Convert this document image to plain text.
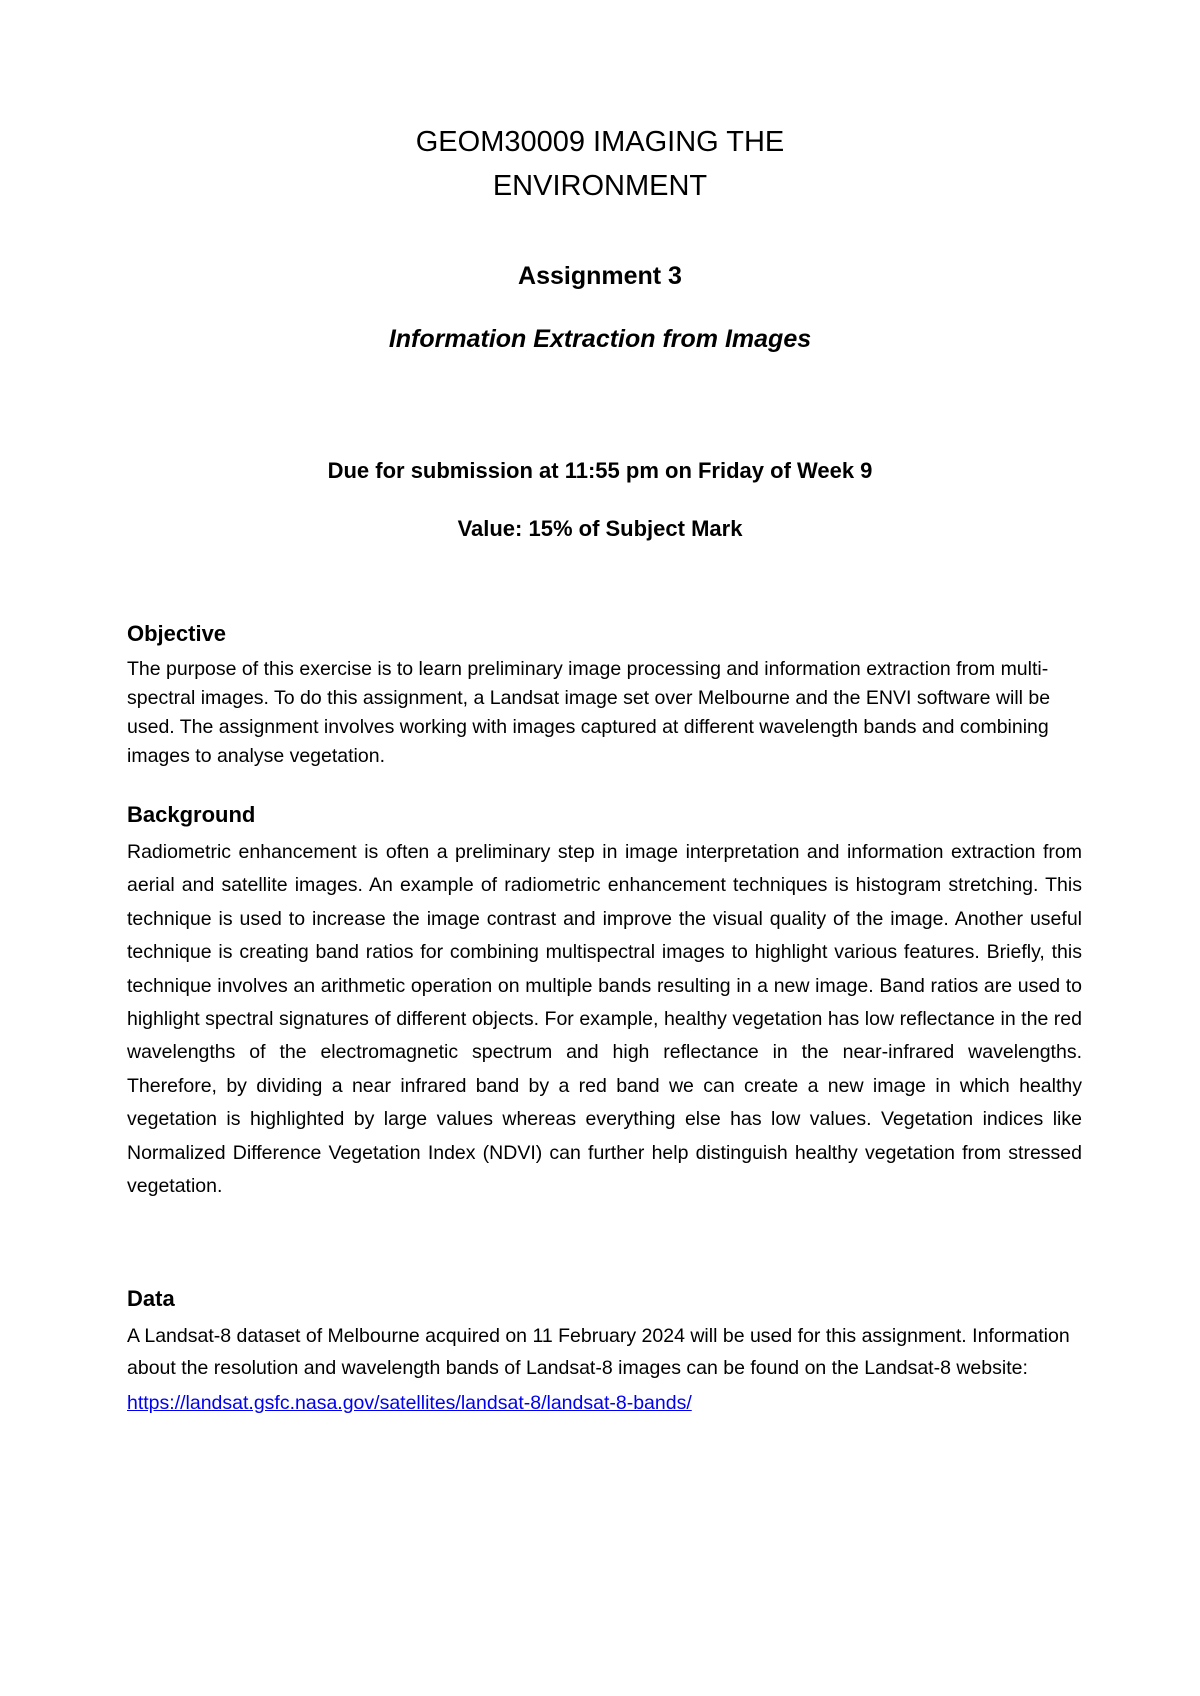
GEOM30009 IMAGING THE
ENVIRONMENT
Assignment 3
Information Extraction from Images
Due for submission at 11:55 pm on Friday of Week 9
Value: 15% of Subject Mark
Objective

The purpose of this exercise is to learn preliminary image processing and information extraction from multi-spectral images. To do this assignment, a Landsat image set over Melbourne and the ENVI software will be used. The assignment involves working with images captured at different wavelength bands and combining images to analyse vegetation.

Background

Radiometric enhancement is often a preliminary step in image interpretation and information extraction from aerial and satellite images. An example of radiometric enhancement techniques is histogram stretching. This technique is used to increase the image contrast and improve the visual quality of the image. Another useful technique is creating band ratios for combining multispectral images to highlight various features. Briefly, this technique involves an arithmetic operation on multiple bands resulting in a new image. Band ratios are used to highlight spectral signatures of different objects. For example, healthy vegetation has low reflectance in the red wavelengths of the electromagnetic spectrum and high reflectance in the near-infrared wavelengths. Therefore, by dividing a near infrared band by a red band we can create a new image in which healthy vegetation is highlighted by large values whereas everything else has low values. Vegetation indices like Normalized Difference Vegetation Index (NDVI) can further help distinguish healthy vegetation from stressed vegetation.

Data

A Landsat-8 dataset of Melbourne acquired on 11 February 2024 will be used for this assignment. Information about the resolution and wavelength bands of Landsat-8 images can be found on the Landsat-8 website:

https://landsat.gsfc.nasa.gov/satellites/landsat-8/landsat-8-bands/
